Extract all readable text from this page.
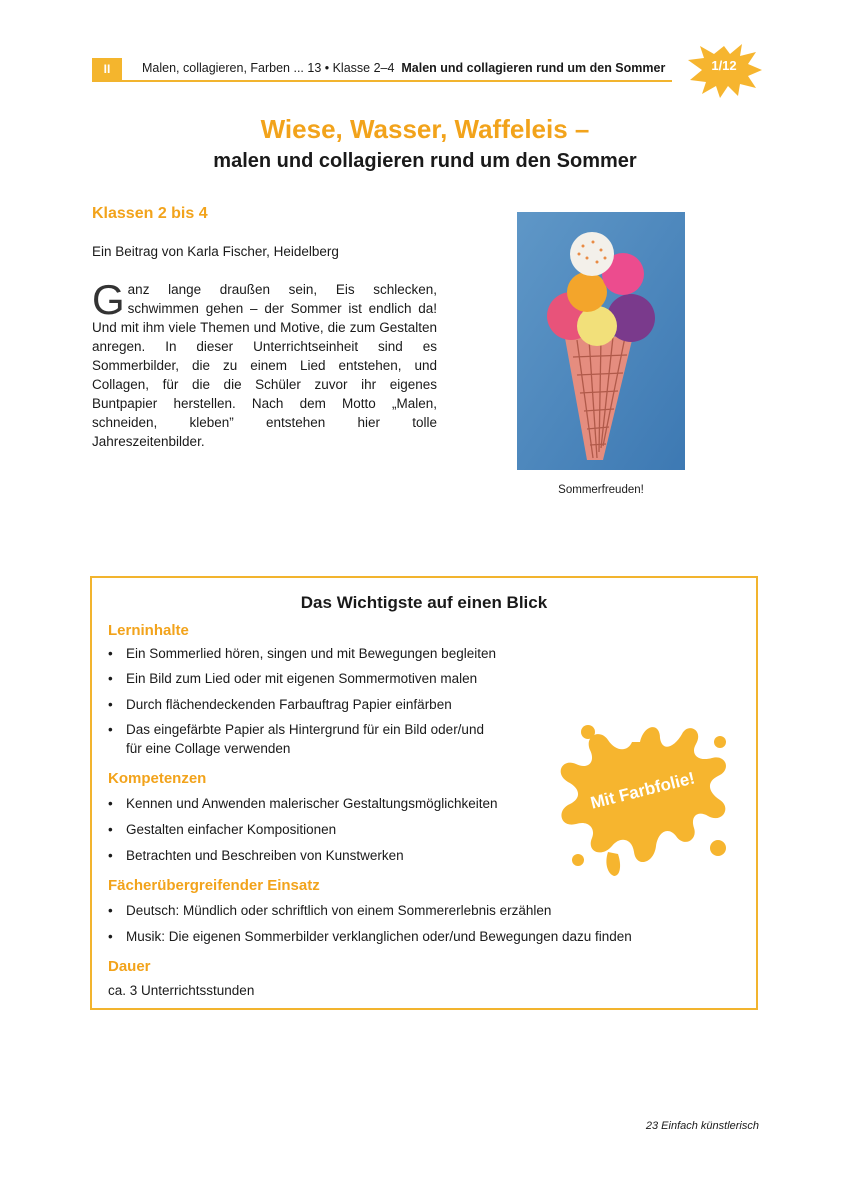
II	Malen, collagieren, Farben ... 13 • Klasse 2–4 Malen und collagieren rund um den Sommer	1/12
Wiese, Wasser, Waffeleis –
malen und collagieren rund um den Sommer
Klassen 2 bis 4
Ein Beitrag von Karla Fischer, Heidelberg
Ganz lange draußen sein, Eis schlecken, schwimmen gehen – der Sommer ist endlich da! Und mit ihm viele Themen und Motive, die zum Gestalten anregen. In dieser Unterrichtseinheit sind es Sommerbilder, die zu einem Lied entstehen, und Collagen, für die die Schüler zuvor ihr eigenes Buntpapier herstellen. Nach dem Motto „Malen, schneiden, kleben” entstehen hier tolle Jahreszeitenbilder.
Sommerfreuden!
Das Wichtigste auf einen Blick
Lerninhalte
• Ein Sommerlied hören, singen und mit Bewegungen begleiten
• Ein Bild zum Lied oder mit eigenen Sommermotiven malen
• Durch flächendeckenden Farbauftrag Papier einfärben
• Das eingefärbte Papier als Hintergrund für ein Bild oder/und
für eine Collage verwenden
Kompetenzen
• Kennen und Anwenden malerischer Gestaltungsmöglichkeiten
• Gestalten einfacher Kompositionen
• Betrachten und Beschreiben von Kunstwerken
Fächerübergreifender Einsatz
• Deutsch: Mündlich oder schriftlich von einem Sommererlebnis erzählen
• Musik: Die eigenen Sommerbilder verklanglichen oder/und Bewegungen dazu finden
Dauer
ca. 3 Unterrichtsstunden
Mit Farbfolie!
23 Einfach künstlerisch
